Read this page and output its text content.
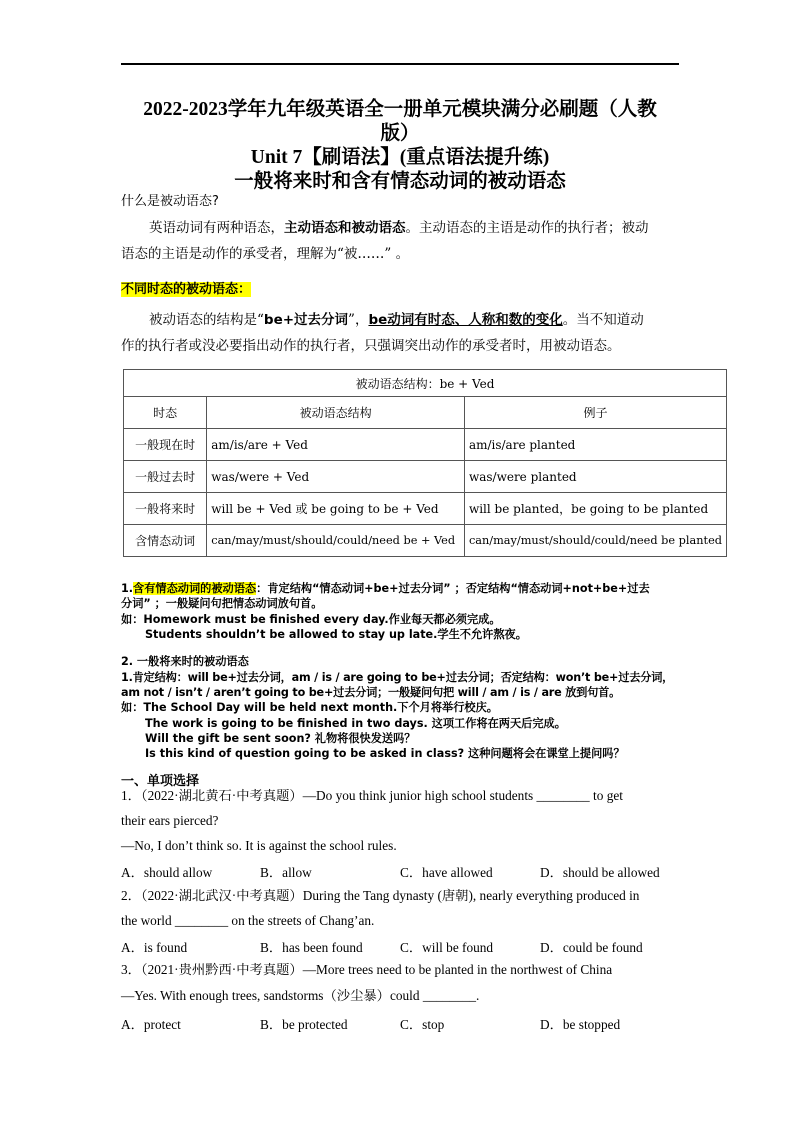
2022-2023学年九年级英语全一册单元模块满分必刷题（人教
版）
Unit 7【刷语法】(重点语法提升练)
一般将来时和含有情态动词的被动语态
什么是被动语态?
英语动词有两种语态，主动语态和被动语态。主动语态的主语是动作的执行者；被动
语态的主语是动作的承受者，理解为“被……” 。
不同时态的被动语态：
被动语态的结构是“be+过去分词”，be动词有时态、人称和数的变化。当不知道动
作的执行者或没必要指出动作的执行者，只强调突出动作的承受者时，用被动语态。
被动语态结构：be + Ved		
时态	被动语态结构	例子
一般现在时	am/is/are + Ved	am/is/are planted
一般过去时	was/were + Ved	was/were planted
一般将来时	will be + Ved 或 be going to be + Ved	will be planted，be going to be planted
含情态动词	can/may/must/should/could/need be + Ved	can/may/must/should/could/need be planted
1.含有情态动词的被动语态：肯定结构“情态动词+be+过去分词” ；否定结构“情态动词+not+be+过去
分词” ；一般疑问句把情态动词放句首。
如：Homework must be finished every day.作业每天都必须完成。
Students shouldn’t be allowed to stay up late.学生不允许熬夜。
2. 一般将来时的被动语态
1.肯定结构：will be+过去分词，am / is / are going to be+过去分词；否定结构：won’t be+过去分词，
am not / isn’t / aren’t going to be+过去分词；一般疑问句把 will / am / is / are 放到句首。
如：The School Day will be held next month.下个月将举行校庆。
The work is going to be finished in two days. 这项工作将在两天后完成。
Will the gift be sent soon? 礼物将很快发送吗？
Is this kind of question going to be asked in class? 这种问题将会在课堂上提问吗？
一、单项选择
1．（2022·湖北黄石·中考真题）—Do you think junior high school students ________ to get
their ears pierced?
—No, I don’t think so. It is against the school rules.
A．should allow	B．allow	C．have allowed	D．should be allowed
2．（2022·湖北武汉·中考真题）During the Tang dynasty (唐朝), nearly everything produced in
the world ________ on the streets of Chang’an.
A．is found	B．has been found	C．will be found	D．could be found
3．（2021·贵州黔西·中考真题）—More trees need to be planted in the northwest of China
—Yes. With enough trees, sandstorms（沙尘暴）could ________.
A．protect	B．be protected	C．stop	D．be stopped
